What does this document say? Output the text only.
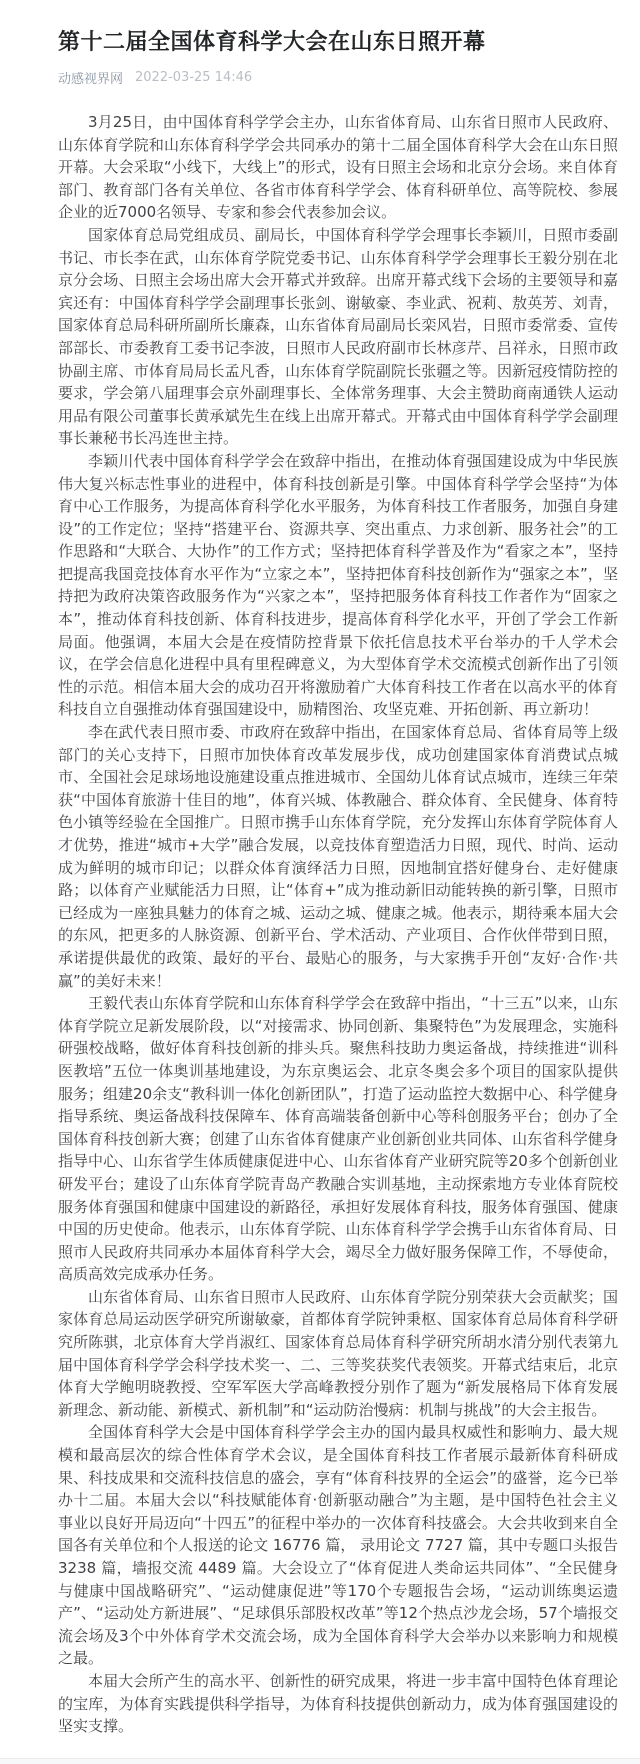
第十二届全国体育科学大会在山东日照开幕
动感视界网 2022-03-25 14:46

3月25日，由中国体育科学学会主办，山东省体育局、山东省日照市人民政府、山东体育学院和山东体育科学学会共同承办的第十二届全国体育科学大会在山东日照开幕。大会采取“小线下，大线上”的形式，设有日照主会场和北京分会场。来自体育部门、教育部门各有关单位、各省市体育科学学会、体育科研单位、高等院校、参展企业的近7000名领导、专家和参会代表参加会议。

国家体育总局党组成员、副局长，中国体育科学学会理事长李颖川，日照市委副书记、市长李在武，山东体育学院党委书记、山东体育科学学会理事长王毅分别在北京分会场、日照主会场出席大会开幕式并致辞。出席开幕式线下会场的主要领导和嘉宾还有：中国体育科学学会副理事长张剑、谢敏豪、李业武、祝莉、敖英芳、刘青，国家体育总局科研所副所长廉森，山东省体育局副局长栾风岩，日照市委常委、宣传部部长、市委教育工委书记李波，日照市人民政府副市长林彦芹、吕祥永，日照市政协副主席、市体育局局长孟凡香，山东体育学院副院长张疆之等。因新冠疫情防控的要求，学会第八届理事会京外副理事长、全体常务理事、大会主赞助商南通铁人运动用品有限公司董事长黄承斌先生在线上出席开幕式。开幕式由中国体育科学学会副理事长兼秘书长冯连世主持。

李颖川代表中国体育科学学会在致辞中指出，在推动体育强国建设成为中华民族伟大复兴标志性事业的进程中，体育科技创新是引擎。中国体育科学学会坚持“为体育中心工作服务，为提高体育科学化水平服务，为体育科技工作者服务，加强自身建设”的工作定位；坚持“搭建平台、资源共享、突出重点、力求创新、服务社会”的工作思路和“大联合、大协作”的工作方式；坚持把体育科学普及作为“看家之本”，坚持把提高我国竞技体育水平作为“立家之本”，坚持把体育科技创新作为“强家之本”，坚持把为政府决策咨政服务作为“兴家之本”，坚持把服务体育科技工作者作为“固家之本”，推动体育科技创新、体育科技进步，提高体育科学化水平，开创了学会工作新局面。他强调，本届大会是在疫情防控背景下依托信息技术平台举办的千人学术会议，在学会信息化进程中具有里程碑意义，为大型体育学术交流模式创新作出了引领性的示范。相信本届大会的成功召开将激励着广大体育科技工作者在以高水平的体育科技自立自强推动体育强国建设中，励精图治、攻坚克难、开拓创新、再立新功！

李在武代表日照市委、市政府在致辞中指出，在国家体育总局、省体育局等上级部门的关心支持下，日照市加快体育改革发展步伐，成功创建国家体育消费试点城市、全国社会足球场地设施建设重点推进城市、全国幼儿体育试点城市，连续三年荣获“中国体育旅游十佳目的地”，体育兴城、体教融合、群众体育、全民健身、体育特色小镇等经验在全国推广。日照市携手山东体育学院，充分发挥山东体育学院体育人才优势，推进“城市+大学”融合发展，以竞技体育塑造活力日照，现代、时尚、运动成为鲜明的城市印记；以群众体育演绎活力日照，因地制宜搭好健身台、走好健康路；以体育产业赋能活力日照，让“体育+”成为推动新旧动能转换的新引擎，日照市已经成为一座独具魅力的体育之城、运动之城、健康之城。他表示，期待乘本届大会的东风，把更多的人脉资源、创新平台、学术活动、产业项目、合作伙伴带到日照，承诺提供最优的政策、最好的平台、最贴心的服务，与大家携手开创“友好·合作·共赢”的美好未来！

王毅代表山东体育学院和山东体育科学学会在致辞中指出，“十三五”以来，山东体育学院立足新发展阶段，以“对接需求、协同创新、集聚特色”为发展理念，实施科研强校战略，做好体育科技创新的排头兵。聚焦科技助力奥运备战，持续推进“训科医教培”五位一体奥训基地建设，为东京奥运会、北京冬奥会多个项目的国家队提供服务；组建20余支“教科训一体化创新团队”，打造了运动监控大数据中心、科学健身指导系统、奥运备战科技保障车、体育高端装备创新中心等科创服务平台；创办了全国体育科技创新大赛；创建了山东省体育健康产业创新创业共同体、山东省科学健身指导中心、山东省学生体质健康促进中心、山东省体育产业研究院等20多个创新创业研发平台；建设了山东体育学院青岛产教融合实训基地，主动探索地方专业体育院校服务体育强国和健康中国建设的新路径，承担好发展体育科技，服务体育强国、健康中国的历史使命。他表示，山东体育学院、山东体育科学学会携手山东省体育局、日照市人民政府共同承办本届体育科学大会，竭尽全力做好服务保障工作，不辱使命，高质高效完成承办任务。

山东省体育局、山东省日照市人民政府、山东体育学院分别荣获大会贡献奖；国家体育总局运动医学研究所谢敏豪，首都体育学院钟秉枢、国家体育总局体育科学研究所陈骐，北京体育大学肖淑红、国家体育总局体育科学研究所胡水清分别代表第九届中国体育科学学会科学技术奖一、二、三等奖获奖代表领奖。开幕式结束后，北京体育大学鲍明晓教授、空军军医大学高峰教授分别作了题为“新发展格局下体育发展新理念、新动能、新模式、新机制”和“运动防治慢病：机制与挑战”的大会主报告。

全国体育科学大会是中国体育科学学会主办的国内最具权威性和影响力、最大规模和最高层次的综合性体育学术会议，是全国体育科技工作者展示最新体育科研成果、科技成果和交流科技信息的盛会，享有“体育科技界的全运会”的盛誉，迄今已举办十二届。本届大会以“科技赋能体育·创新驱动融合”为主题，是中国特色社会主义事业以良好开局迈向“十四五”的征程中举办的一次体育科技盛会。大会共收到来自全国各有关单位和个人报送的论文 16776 篇， 录用论文 7727 篇，其中专题口头报告 3238 篇，墙报交流 4489 篇。大会设立了“体育促进人类命运共同体”、“全民健身与健康中国战略研究”、“运动健康促进”等170个专题报告会场，“运动训练奥运遗产”、“运动处方新进展”、“足球俱乐部股权改革”等12个热点沙龙会场，57个墙报交流会场及3个中外体育学术交流会场，成为全国体育科学大会举办以来影响力和规模之最。

本届大会所产生的高水平、创新性的研究成果，将进一步丰富中国特色体育理论的宝库，为体育实践提供科学指导，为体育科技提供创新动力，成为体育强国建设的坚实支撑。
